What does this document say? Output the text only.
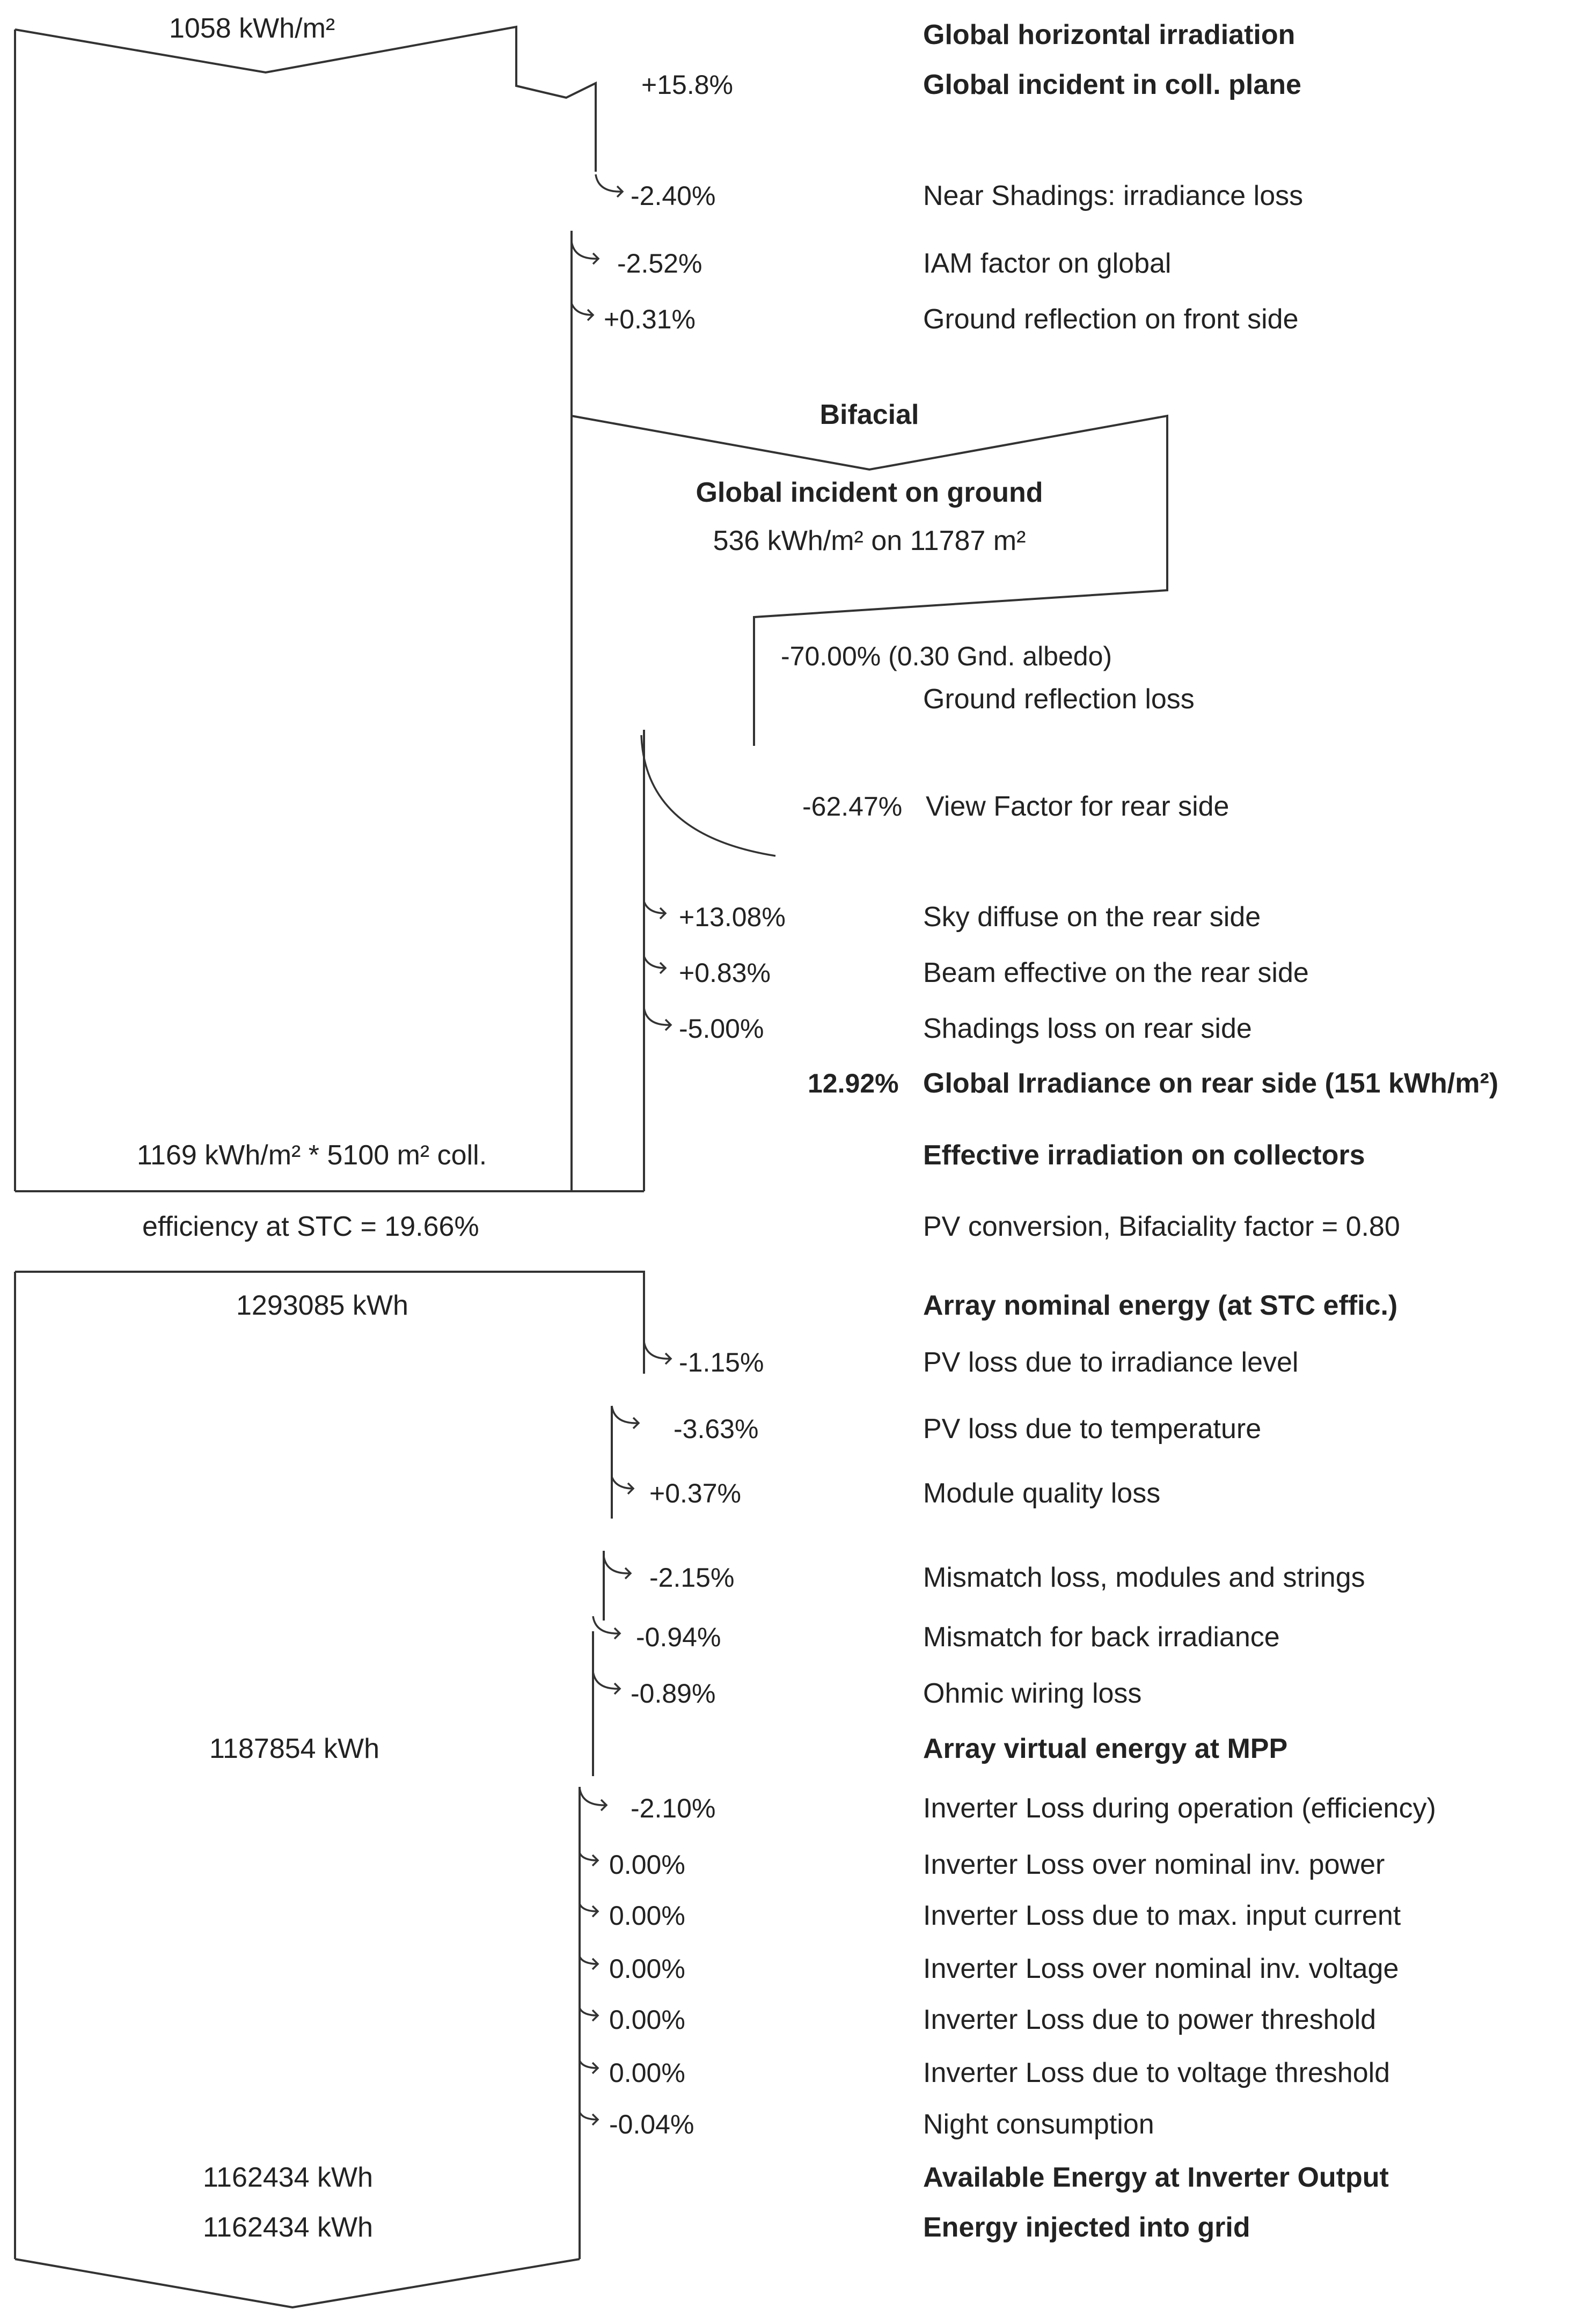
1058 kWh/m²	Global horizontal irradiation
+15.8%	Global incident in coll. plane
-2.40%	Near Shadings: irradiance loss
-2.52%	IAM factor on global
+0.31%	Ground reflection on front side
Bifacial
Global incident on ground
536 kWh/m² on 11787 m²
-70.00% (0.30 Gnd. albedo)
Ground reflection loss
-62.47% View Factor for rear side
+13.08%	Sky diffuse on the rear side
+0.83%	Beam effective on the rear side
-5.00%	Shadings loss on rear side
12.92% Global Irradiance on rear side (151 kWh/m²)
1169 kWh/m² * 5100 m² coll.	Effective irradiation on collectors
efficiency at STC = 19.66%	PV conversion, Bifaciality factor = 0.80
1293085 kWh	Array nominal energy (at STC effic.)
-1.15%	PV loss due to irradiance level
-3.63%	PV loss due to temperature
+0.37%	Module quality loss
-2.15%	Mismatch loss, modules and strings
-0.94%	Mismatch for back irradiance
-0.89%	Ohmic wiring loss
1187854 kWh	Array virtual energy at MPP
-2.10%	Inverter Loss during operation (efficiency)
0.00%	Inverter Loss over nominal inv. power
0.00%	Inverter Loss due to max. input current
0.00%	Inverter Loss over nominal inv. voltage
0.00%	Inverter Loss due to power threshold
0.00%	Inverter Loss due to voltage threshold
-0.04%	Night consumption
1162434 kWh	Available Energy at Inverter Output
1162434 kWh	Energy injected into grid
